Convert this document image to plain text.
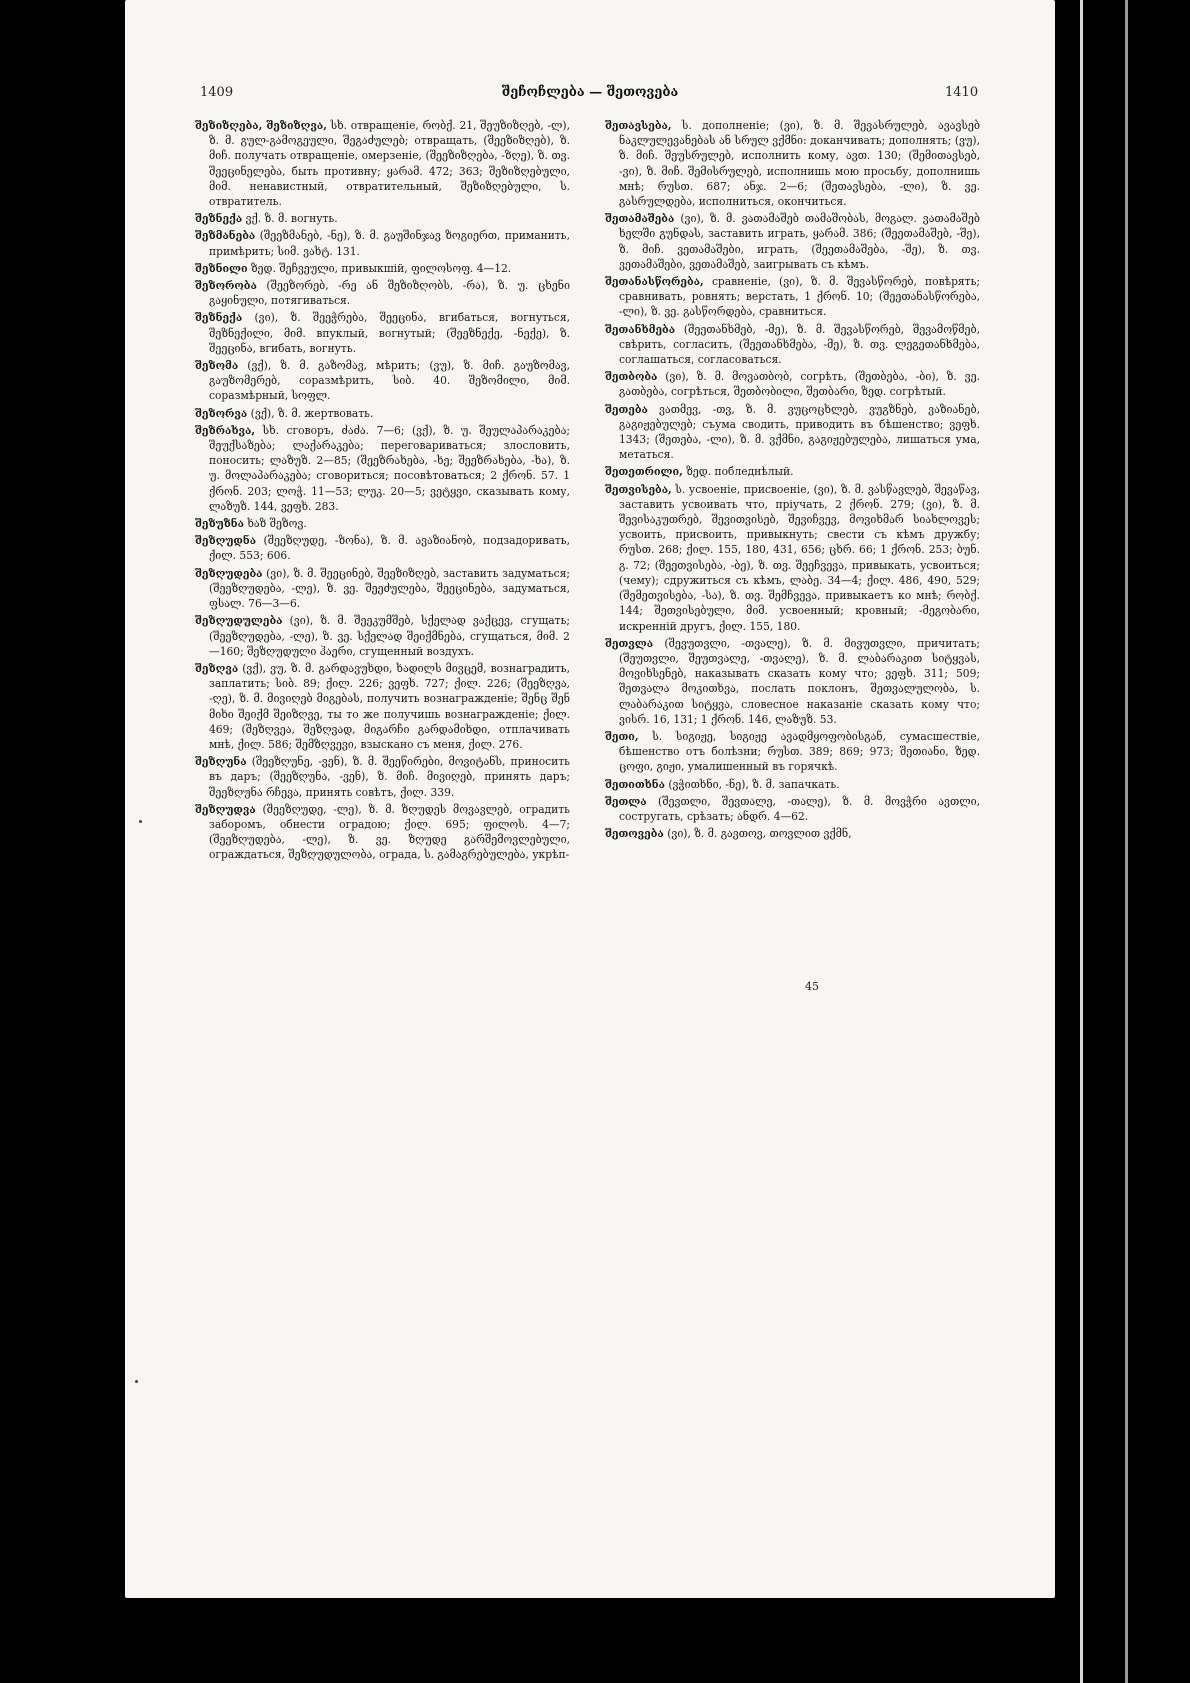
1409	შეჩოჩლება — შეთოვება	1410

შეზიზღება, შეზიზღვა, სხ. отвращеніе, რობქ. 21, შეუზიზღებ, -ლ), ზ. მ. გულ-გამოგეული, შეგაძულებ; отвращать, (შეეზიზღებ), ზ. მიჩ. получать отвращеніе, омерзеніе, (შეეზიზღება, -ზღე), ზ. თვ. შეეცინელება, быть противну; ყარამ. 472; 363; შეზიზღებული, მიმ. ненавистный, отвратительный, შეზიზღებული, ს. отвратитель.

შეზნექა ვქ. ზ. მ. вогнуть.

შეზმანება (შეეზმანებ, -ნე), ზ. მ. გაუშინჯავ ზოგიერთ, приманить, примѣрить; სიმ. ვახტ. 131.

შეზნილი ზედ. შეჩვეული, привыкшій, ფილოსოფ. 4—12.

შეზორობა (შეეზორებ, -რე ან შეზიზღობს, -რა), ზ. უ. ცხენი გაყინული, потягиваться.

შეზნექა (ვი), ზ. შეეჭრება, შეეცინა, вгибаться, вогнуться, შეზნექილი, მიმ. впуклый, вогнутый; (შეეზნექე, -ნექე), ზ. შეეცინა, вгибать, вогнуть.

შეზომა (ვქ), ზ. მ. გაზომავ, мѣрить; (ვუ), ზ. მიჩ. გაუზომავ, გაუზომერებ, соразмѣрить, სიბ. 40. შეზომილი, მიმ. соразмѣрный, სოფლ.

შეზორვა (ვქ), ზ. მ. жертвовать.

შეზრახვა, სხ. сговоръ, ძაძა. 7—6; (ვქ), ზ. უ. შეულაპარაკება; შეუქსაზება; ლაქარაკება; переговариваться; злословить, поносить; ლაზუზ. 2—85; (შეეზრახება, -ხე; შეეზრახება, -ხა), ზ. უ. მოლაპარაკება; сговориться; посовѣтоваться; 2 ქრონ. 57. 1 ქრონ. 203; ლოჭ. 11—53; ლუკ. 20—5; ვეტყვი, сказывать кому, ლაზუზ. 144, ვეფხ. 283.

შეზუზნა ხაზ შეზოვ.

შეზღუდნა (შეეზღუდე, -ზონა), ზ. მ. ავაზიანობ, подзадоривать, ქილ. 553; 606.

შეზღუდება (ვი), ზ. მ. შეეცინებ, შეეზიზღებ, заставить задуматься; (შეეზღუდება, -ლე), ზ. ვე. შეეძულება, შეეცინება, задуматься, ფსალ. 76—3—6.

შეზღუდულება (ვი), ზ. მ. შეეკუმშებ, სქელად ვაქცევ, сгущать; (შეეზღუდება, -ლე), ზ. ვე. სქელად შეიქმნება, сгущаться, მიმ. 2—160; შეზღუდული ჰაერი, сгущенный воздухъ.

შეზღვა (ვქ), ვუ, ზ. მ. გარდავუხდი, ხადილს მივცემ, вознаградить, заплатить; სიბ. 89; ქილ. 226; ვეფხ. 727; ქილ. 226; (შეეზღვა, -ღე), ზ. მ. მივიღებ მიგებას, получить вознагражденіе; შენც შენ მიხი შეიქმ შეიზღვე, ты то же получишь вознагражденіе; ქილ. 469; (შეზღვეა, შეზღვად, მიგარჩი გარდამიხდი, отплачивать мнѣ, ქილ. 586; შემზღვევი, взыскано съ меня, ქილ. 276.

შეზღუნა (შეეზღუნე, -ვენ), ზ. მ. შეეწირები, მოვიტანს, приносить въ даръ; (შეეზღუნა, -ვენ), ზ. მიჩ. მივიღებ, принять даръ; შეეზღუნა რჩევა, принять совѣтъ, ქილ. 339.

შეზღუდვა (შეეზღუდე, -ლე), ზ. მ. ზღუდეს მოვავლებ, оградить заборомъ, обнести оградою; ქილ. 695; ფილოს. 4—7; (შეეზღუდება, -ლე), ზ. ვე. ზღუდე გარშემოვლებული, ограждаться, შეზღუდულობა, ограда, ს. გამაგრებულება, укрѣп-

შეთავსება, ს. дополненіе; (ვი), ზ. მ. შევასრულებ, ავავსებ ნაკლულევანებას ან სრულ ვქმნი: доканчивать; дополнять; (ვუ), ზ. მიჩ. შეუსრულებ, исполнить кому, ავთ. 130; (შემითავსებ, -ვი), ზ. მიჩ. შემისრულებ, исполнишь мою просьбу, дополнишь мнѣ; რუსთ. 687; ანჯ. 2—6; (შეთავსება, -ლი), ზ. ვე. გასრულდება, исполниться, окончиться.

შეთამაშება (ვი), ზ. მ. ვათამაშებ თამაშობას, მოგალ. ვათამაშებ ხელში გუნდას, заставить играть, ყარამ. 386; (შეეთამაშებ, -შე), ზ. მიჩ. ვეთამაშები, играть, (შეეთამაშება, -შე), ზ. თვ. ვეთამაშები, ვეთამაშებ, заигрывать съ кѣмъ.

შეთანასწორება, сравненіе, (ვი), ზ. მ. შევასწორებ, повѣрять; сравнивать, ровнять; верстать, 1 ქრონ. 10; (შეეთანასწორება, -ლი), ზ. ვე. გასწორდება, сравниться.

შეთანხმება (შეეთანხმებ, -მე), ზ. მ. შევასწორებ, შევამოწმებ, свѣрить, согласить, (შეეთანხმება, -მე), ზ. თვ. ლეგეთანხმება, соглашаться, согласоваться.

შეთბობა (ვი), ზ. მ. მოვათბობ, согрѣть, (შეთბება, -ბი), ზ. ვე. გათბება, согрѣться, შეთბობილი, შეთბარი, ზედ. согрѣтый.

შეთება ვათმევ, -თვ, ზ. მ. ვუცოცხლებ, ვუგზნებ, ვაზიანებ, გაგიჟებულებ; съума сводить, приводить въ бѣшенство; ვეფხ. 1343; (შეთება, -ლი), ზ. მ. ვქმნი, გაგიჟებულება, лишаться ума, метаться.

შეთეთრილი, ზედ. побледнѣлый.

შეთვისება, ს. усвоеніе, присвоеніе, (ვი), ზ. მ. ვასწავლებ, შევაწავ, заставить усвоивать что, пріучать, 2 ქრონ. 279; (ვი), ზ. მ. შევისაკუთრებ, შევითვისებ, შევიჩვევ, მოვიხმარ სიახლოვეს; усвоить, присвоить, привыкнуть; свести съ кѣмъ дружбу; რუსთ. 268; ქილ. 155, 180, 431, 656; ცხრ. 66; 1 ქრონ. 253; ბუნ. გ. 72; (შეეთვისება, -ბე), ზ. თვ. შეეჩვევა, привыкать, усвоиться; (чему); сдружиться съ кѣмъ, ლაბე. 34—4; ქილ. 486, 490, 529; (შემეთვისება, -სა), ზ. თვ. შემჩვევა, привыкаетъ ко мнѣ; რობქ. 144; შეთვისებული, მიმ. усвоенный; кровный; -მეგობარი, искренній другъ, ქილ. 155, 180.

შეთვლა (შევუთვლი, -თვალე), ზ. მ. მივუთვლი, причитать; (შეუთვლი, შეუთვალე, -თვალე), ზ. მ. ლაბარაკით სიტყვას, მოვიხსენებ, наказывать сказать кому что; ვეფხ. 311; 509; შეთვალა მოკითხვა, послать поклонъ, შეთვალულობა, ს. ლაბარაკით სიტყვა, словесное наказаніе сказать кому что; ვისრ. 16, 131; 1 ქრონ. 146, ლაზუზ. 53.

შეთი, ს. სიგიჟე, სიგიჟე ავადმყოფობისგან, сумасшествіе, бѣшенство отъ болѣзни; რუსთ. 389; 869; 973; შეთიანი, ზედ. ცოფი, გიჟი, умалишенный въ горячкѣ.

შეთითხნა (ვჭითხნი, -ნე), ზ. მ. запачкать.

შეთლა (შევთლი, შევთალე, -თალე), ზ. მ. მოვჭრი ავთლი, состругать, срѣзать; ანდრ. 4—62.

შეთოვება (ვი), ზ. მ. გავთოვ, თოვლით ვქმნ,

45
